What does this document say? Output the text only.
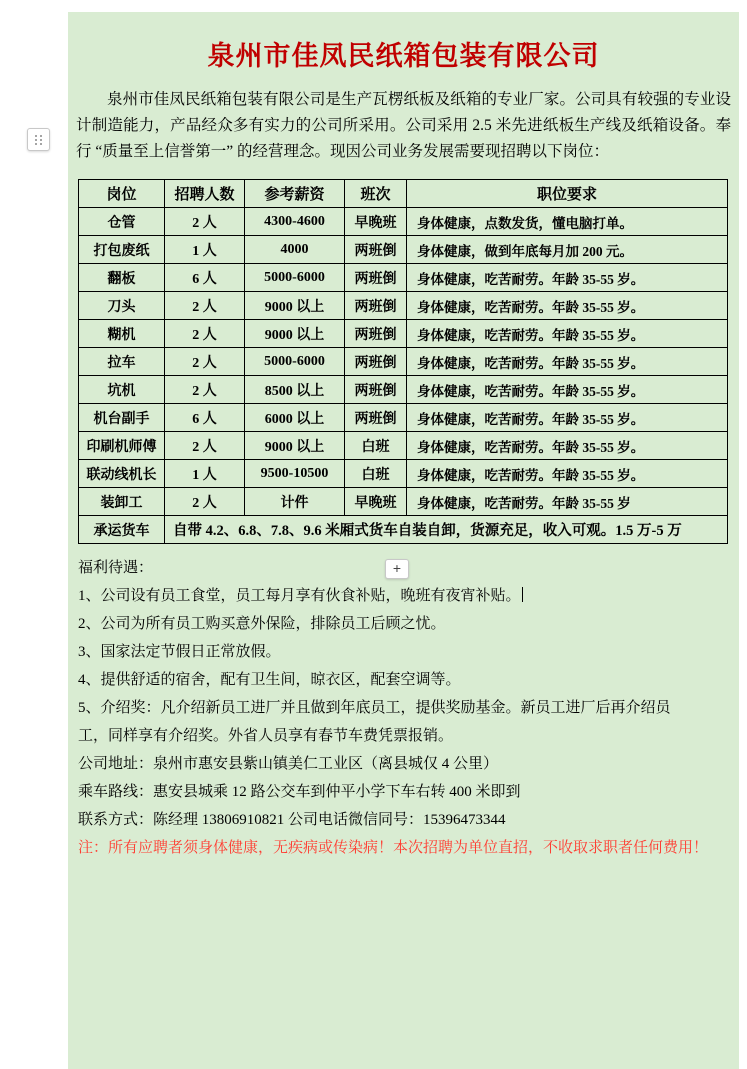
泉州市佳凤民纸箱包装有限公司
泉州市佳凤民纸箱包装有限公司是生产瓦楞纸板及纸箱的专业厂家。公司具有较强的专业设计制造能力，产品经众多有实力的公司所采用。公司采用 2.5 米先进纸板生产线及纸箱设备。奉行 “质量至上信誉第一” 的经营理念。现因公司业务发展需要现招聘以下岗位：
岗位	招聘人数	参考薪资	班次	职位要求
仓管	2 人	4300-4600	早晚班	身体健康，点数发货，懂电脑打单。
打包废纸	1 人	4000	两班倒	身体健康，做到年底每月加 200 元。
翻板	6 人	5000-6000	两班倒	身体健康，吃苦耐劳。年龄 35-55 岁。
刀头	2 人	9000 以上	两班倒	身体健康，吃苦耐劳。年龄 35-55 岁。
糊机	2 人	9000 以上	两班倒	身体健康，吃苦耐劳。年龄 35-55 岁。
拉车	2 人	5000-6000	两班倒	身体健康，吃苦耐劳。年龄 35-55 岁。
坑机	2 人	8500 以上	两班倒	身体健康，吃苦耐劳。年龄 35-55 岁。
机台副手	6 人	6000 以上	两班倒	身体健康，吃苦耐劳。年龄 35-55 岁。
印刷机师傅	2 人	9000 以上	白班	身体健康，吃苦耐劳。年龄 35-55 岁。
联动线机长	1 人	9500-10500	白班	身体健康，吃苦耐劳。年龄 35-55 岁。
装卸工	2 人	计件	早晚班	身体健康，吃苦耐劳。年龄 35-55 岁
承运货车	自带 4.2、6.8、7.8、9.6 米厢式货车自装自卸，货源充足，收入可观。1.5 万-5 万			

福利待遇：

1、公司设有员工食堂，员工每月享有伙食补贴，晚班有夜宵补贴。

2、公司为所有员工购买意外保险，排除员工后顾之忧。

3、国家法定节假日正常放假。

4、提供舒适的宿舍，配有卫生间，晾衣区，配套空调等。

5、介绍奖：凡介绍新员工进厂并且做到年底员工，提供奖励基金。新员工进厂后再介绍员

工，同样享有介绍奖。外省人员享有春节车费凭票报销。

公司地址：泉州市惠安县紫山镇美仁工业区（离县城仅 4 公里）

乘车路线：惠安县城乘 12 路公交车到仲平小学下车右转 400 米即到

联系方式：陈经理 13806910821 公司电话微信同号：15396473344

注：所有应聘者须身体健康，无疾病或传染病！本次招聘为单位直招，不收取求职者任何费用！

+
